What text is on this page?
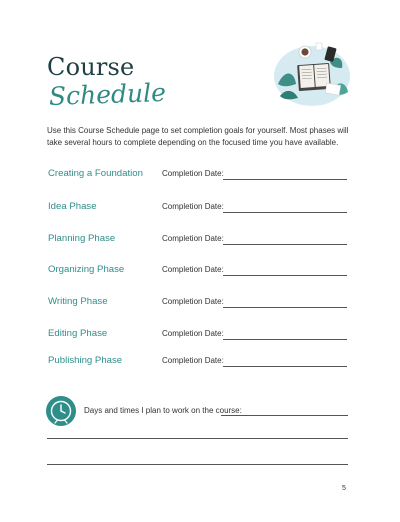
Course
Schedule
Use this Course Schedule page to set completion goals for yourself. Most phases will take several hours to complete depending on the focused time you have available.
Creating a Foundation Completion Date:
Idea Phase	Completion Date:
Planning Phase	Completion Date:
Organizing Phase	Completion Date:
Writing Phase	Completion Date:
Editing Phase	Completion Date:
Publishing Phase	Completion Date:
Days and times I plan to work on the course:
5
